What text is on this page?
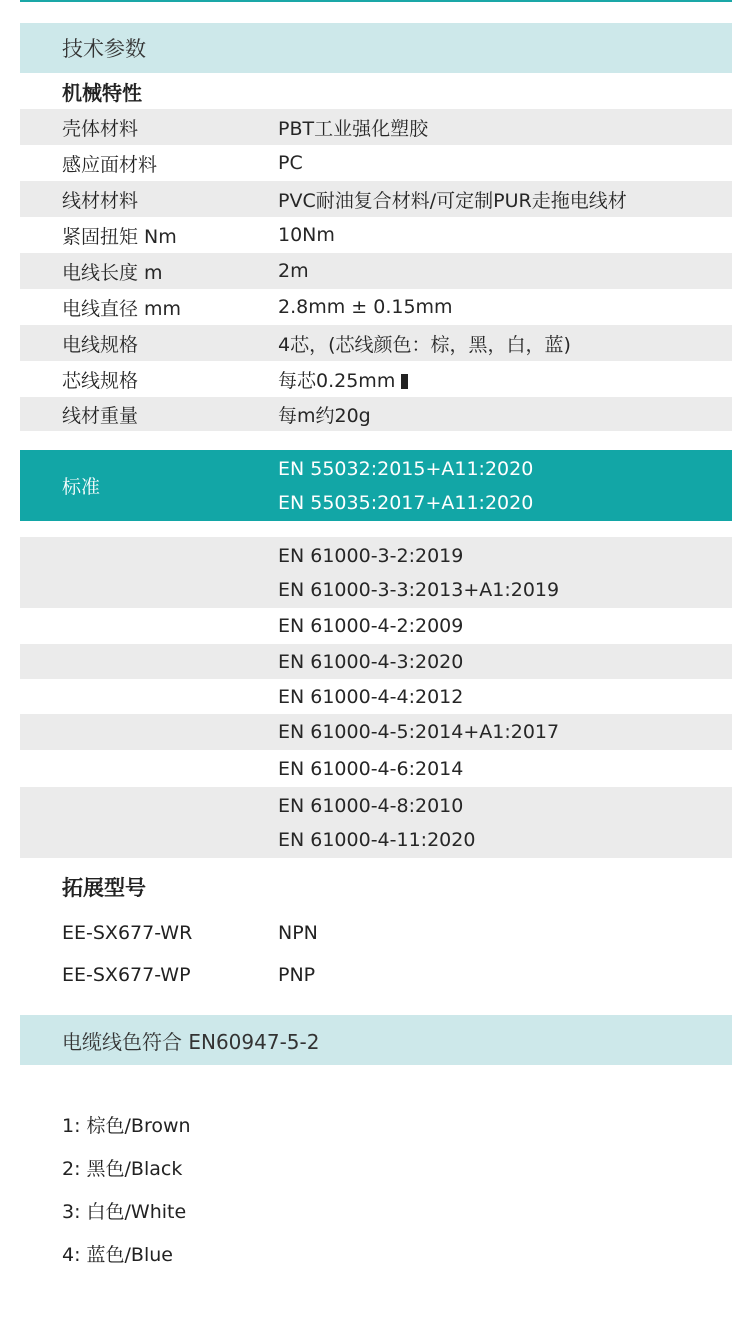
技术参数
机械特性
壳体材料	PBT工业强化塑胶
感应面材料	PC
线材材料	PVC耐油复合材料/可定制PUR走拖电线材
紧固扭矩 Nm	10Nm
电线长度 m	2m
电线直径 mm	2.8mm ± 0.15mm
电线规格	4芯，(芯线颜色：棕，黑，白，蓝)
芯线规格	每芯0.25mm
线材重量	每m约20g
标准
EN 55032:2015+A11:2020
EN 55035:2017+A11:2020
EN 61000-3-2:2019
EN 61000-3-3:2013+A1:2019
EN 61000-4-2:2009
EN 61000-4-3:2020
EN 61000-4-4:2012
EN 61000-4-5:2014+A1:2017
EN 61000-4-6:2014
EN 61000-4-8:2010
EN 61000-4-11:2020
拓展型号
EE-SX677-WR	NPN
EE-SX677-WP	PNP
电缆线色符合 EN60947-5-2
1: 棕色/Brown
2: 黑色/Black
3: 白色/White
4: 蓝色/Blue
